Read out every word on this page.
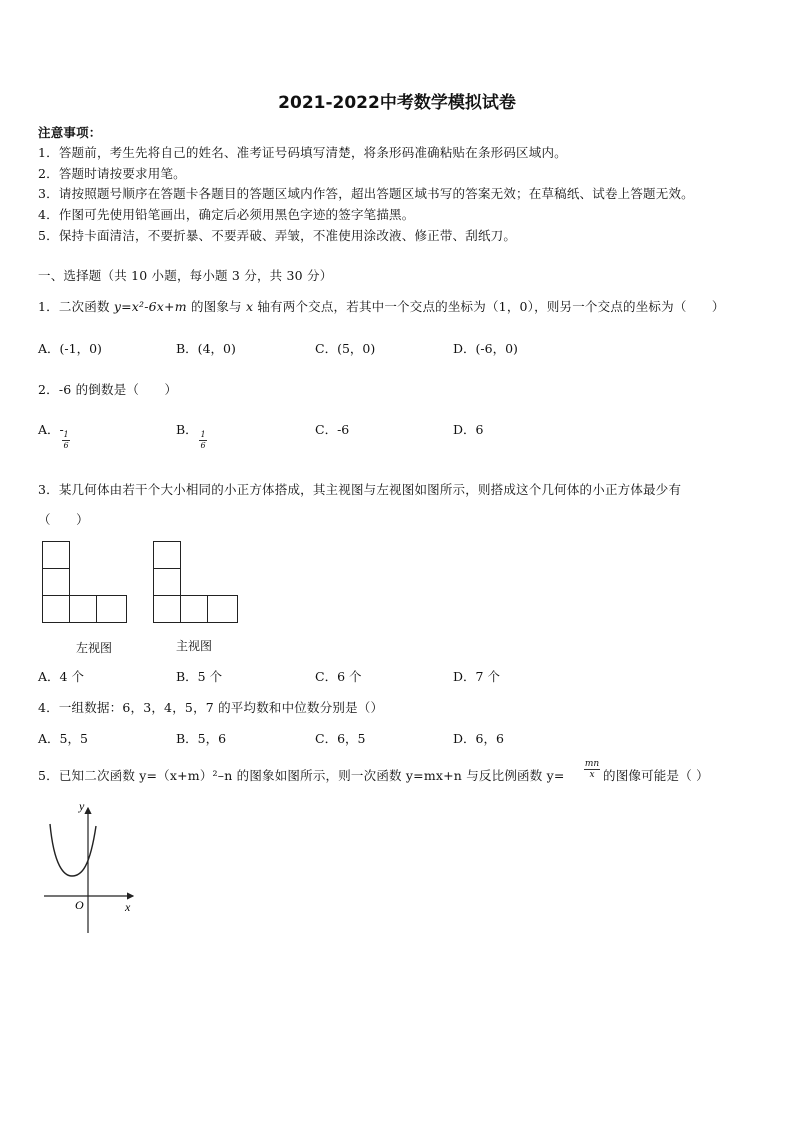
2021-2022中考数学模拟试卷
注意事项：
1．答题前，考生先将自己的姓名、准考证号码填写清楚，将条形码准确粘贴在条形码区域内。
2．答题时请按要求用笔。
3．请按照题号顺序在答题卡各题目的答题区域内作答，超出答题区域书写的答案无效；在草稿纸、试卷上答题无效。
4．作图可先使用铅笔画出，确定后必须用黑色字迹的签字笔描黑。
5．保持卡面清洁，不要折暴、不要弄破、弄皱，不准使用涂改液、修正带、刮纸刀。
一、选择题（共 10 小题，每小题 3 分，共 30 分）
1．二次函数 y=x²-6x+m 的图象与 x 轴有两个交点，若其中一个交点的坐标为（1，0），则另一个交点的坐标为（　　）
A．(-1，0)	B．(4，0)	C．(5，0)	D．(-6，0)
2．-6 的倒数是（　　）
A．- 1
6
B． 1
6
C．-6	D．6
3．某几何体由若干个大小相同的小正方体搭成，其主视图与左视图如图所示，则搭成这个几何体的小正方体最少有
（　　）
左视图	主视图
A．4 个	B．5 个	C．6 个	D．7 个
4．一组数据：6，3，4，5，7 的平均数和中位数分别是（）
A．5，5	B．5，6	C．6，5	D．6，6
5．已知二次函数 y=（x+m）²–n 的图象如图所示，则一次函数 y=mx+n 与反比例函数 y=
mn
x 的图像可能是（ ）
y
x
O
